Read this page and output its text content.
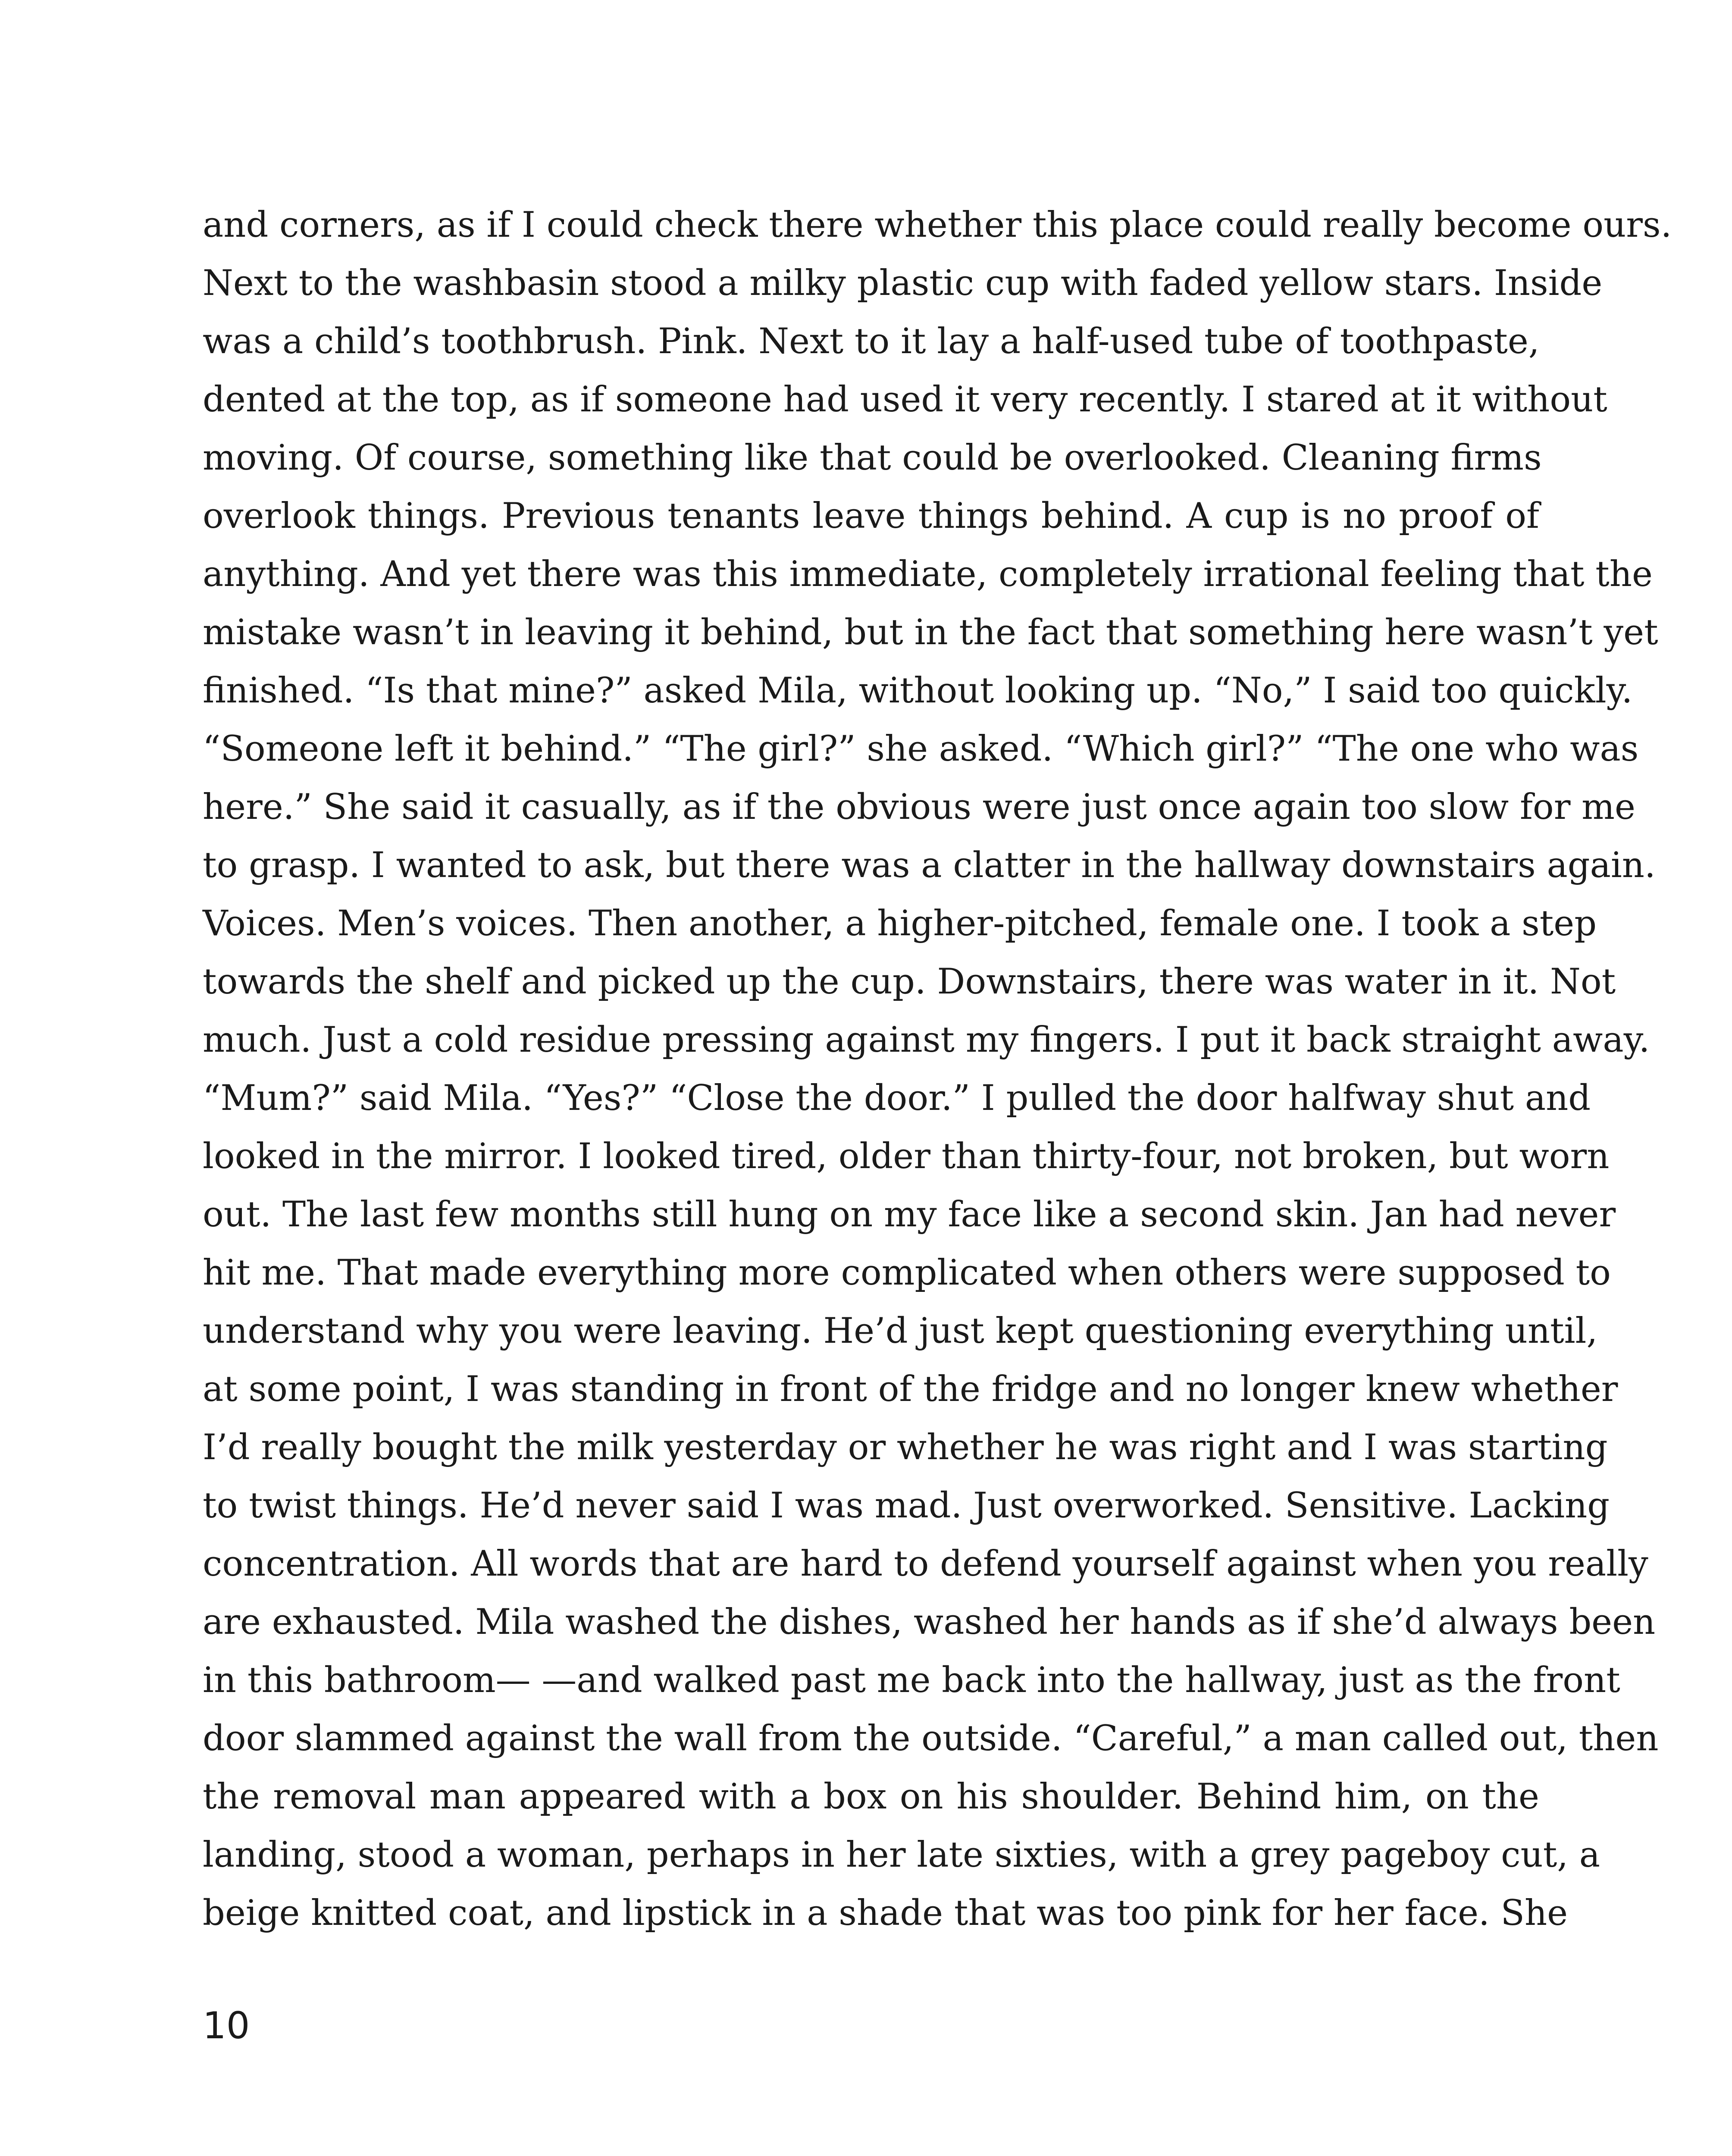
and corners, as if I could check there whether this place could really become ours.
Next to the washbasin stood a milky plastic cup with faded yellow stars. Inside
was a child’s toothbrush. Pink. Next to it lay a half-used tube of toothpaste,
dented at the top, as if someone had used it very recently. I stared at it without
moving. Of course, something like that could be overlooked. Cleaning firms
overlook things. Previous tenants leave things behind. A cup is no proof of
anything. And yet there was this immediate, completely irrational feeling that the
mistake wasn’t in leaving it behind, but in the fact that something here wasn’t yet
finished. “Is that mine?” asked Mila, without looking up. “No,” I said too quickly.
“Someone left it behind.” “The girl?” she asked. “Which girl?” “The one who was
here.” She said it casually, as if the obvious were just once again too slow for me
to grasp. I wanted to ask, but there was a clatter in the hallway downstairs again.
Voices. Men’s voices. Then another, a higher-pitched, female one. I took a step
towards the shelf and picked up the cup. Downstairs, there was water in it. Not
much. Just a cold residue pressing against my fingers. I put it back straight away.
“Mum?” said Mila. “Yes?” “Close the door.” I pulled the door halfway shut and
looked in the mirror. I looked tired, older than thirty-four, not broken, but worn
out. The last few months still hung on my face like a second skin. Jan had never
hit me. That made everything more complicated when others were supposed to
understand why you were leaving. He’d just kept questioning everything until,
at some point, I was standing in front of the fridge and no longer knew whether
I’d really bought the milk yesterday or whether he was right and I was starting
to twist things. He’d never said I was mad. Just overworked. Sensitive. Lacking
concentration. All words that are hard to defend yourself against when you really
are exhausted. Mila washed the dishes, washed her hands as if she’d always been
in this bathroom— —and walked past me back into the hallway, just as the front
door slammed against the wall from the outside. “Careful,” a man called out, then
the removal man appeared with a box on his shoulder. Behind him, on the
landing, stood a woman, perhaps in her late sixties, with a grey pageboy cut, a
beige knitted coat, and lipstick in a shade that was too pink for her face. She
10
